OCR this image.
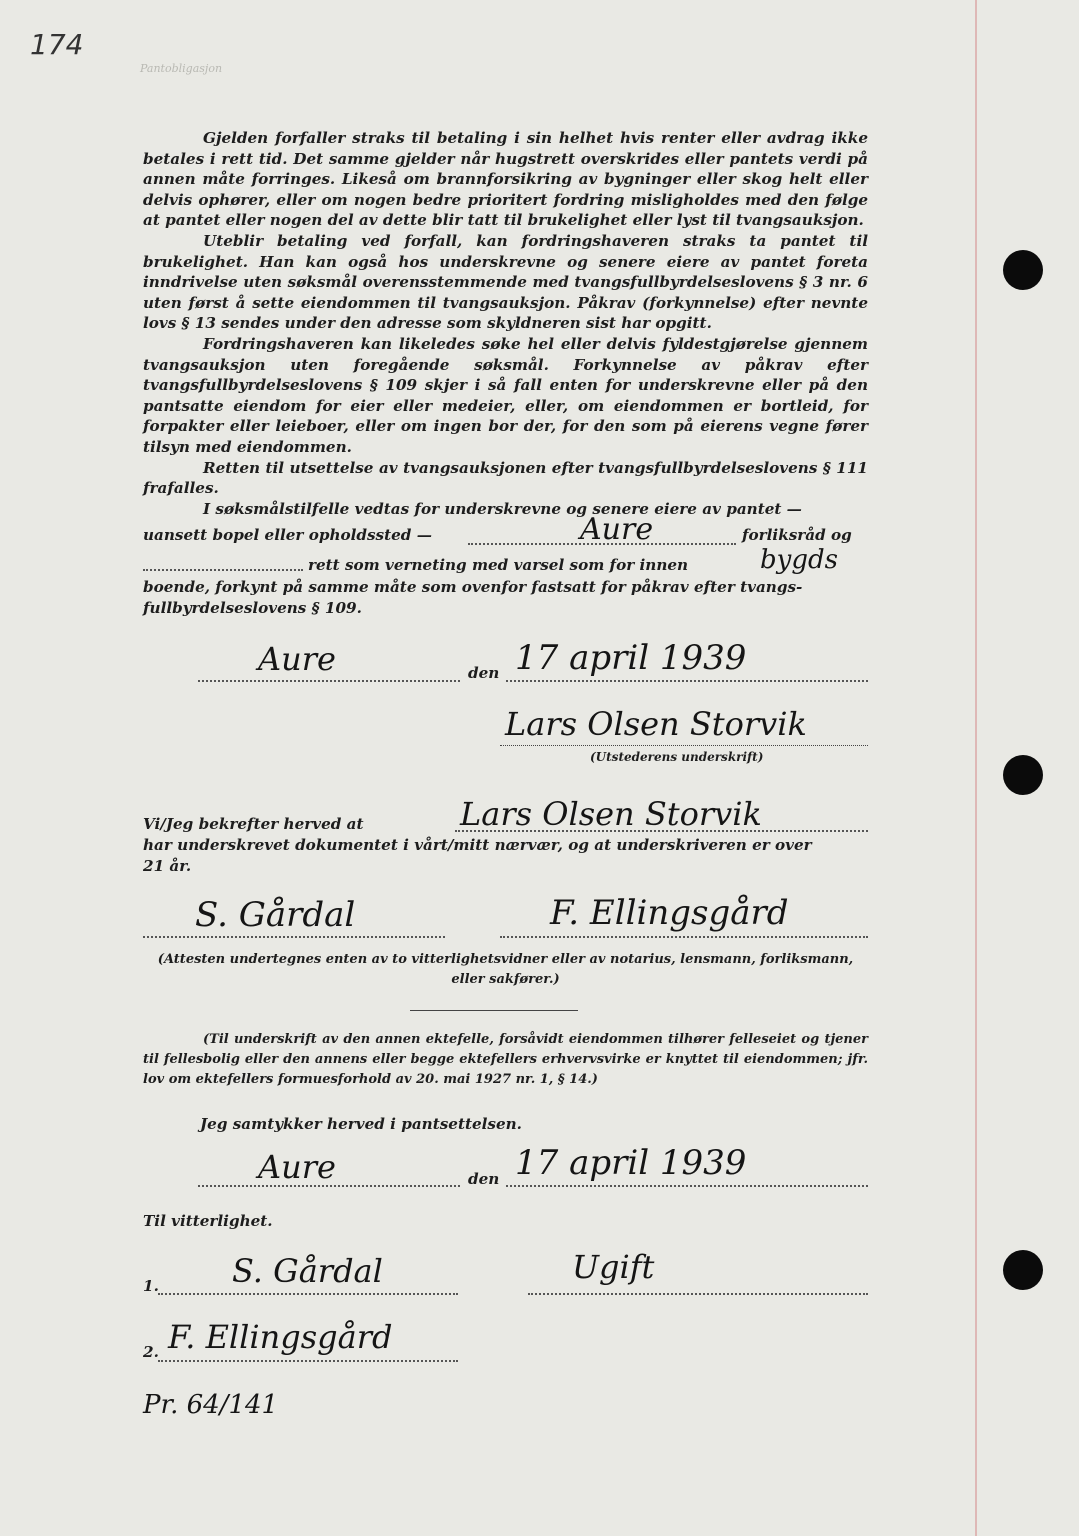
174
Pantobligasjon

Gjelden forfaller straks til betaling i sin helhet hvis renter eller avdrag ikke betales i rett tid. Det samme gjelder når hugstrett overskrides eller pantets verdi på annen måte forringes. Likeså om brannforsikring av bygninger eller skog helt eller delvis ophører, eller om nogen bedre prioritert fordring misligholdes med den følge at pantet eller nogen del av dette blir tatt til brukelighet eller lyst til tvangsauksjon.

Uteblir betaling ved forfall, kan fordringshaveren straks ta pantet til brukelighet. Han kan også hos underskrevne og senere eiere av pantet foreta inndrivelse uten søksmål overensstemmende med tvangsfullbyrdelseslovens § 3 nr. 6 uten først å sette eiendommen til tvangsauksjon. Påkrav (forkynnelse) efter nevnte lovs § 13 sendes under den adresse som skyldneren sist har opgitt.

Fordringshaveren kan likeledes søke hel eller delvis fyldestgjørelse gjennem tvangsauksjon uten foregående søksmål. Forkynnelse av påkrav efter tvangsfullbyrdelseslovens § 109 skjer i så fall enten for underskrevne eller på den pantsatte eiendom for eier eller medeier, eller, om eiendommen er bortleid, for forpakter eller leieboer, eller om ingen bor der, for den som på eierens vegne fører tilsyn med eiendommen.

Retten til utsettelse av tvangsauksjonen efter tvangsfullbyrdelseslovens § 111 frafalles.

I søksmålstilfelle vedtas for underskrevne og senere eiere av pantet —

uansett bopel eller opholdssted —	Aure	forliksråd og
rett som verneting med varsel som for innen	bygds
boende, forkynt på samme måte som ovenfor fastsatt for påkrav efter tvangs-
fullbyrdelseslovens § 109.
Aure	den 17 april 1939
Lars Olsen Storvik
(Utstederens underskrift)
Vi/Jeg bekrefter herved at	Lars Olsen Storvik
har underskrevet dokumentet i vårt/mitt nærvær, og at underskriveren er over
21 år.
S. Gårdal	F. Ellingsgård
(Attesten undertegnes enten av to vitterlighetsvidner eller av notarius, lensmann, forliksmann, eller sakfører.)
(Til underskrift av den annen ektefelle, forsåvidt eiendommen tilhører felleseiet og tjener til fellesbolig eller den annens eller begge ektefellers erhvervsvirke er knyttet til eiendommen; jfr. lov om ektefellers formuesforhold av 20. mai 1927 nr. 1, § 14.)
Jeg samtykker herved i pantsettelsen.
Aure	den 17 april 1939
Til vitterlighet.
1. S. Gårdal	Ugift
2. F. Ellingsgård
Pr. 64/141
